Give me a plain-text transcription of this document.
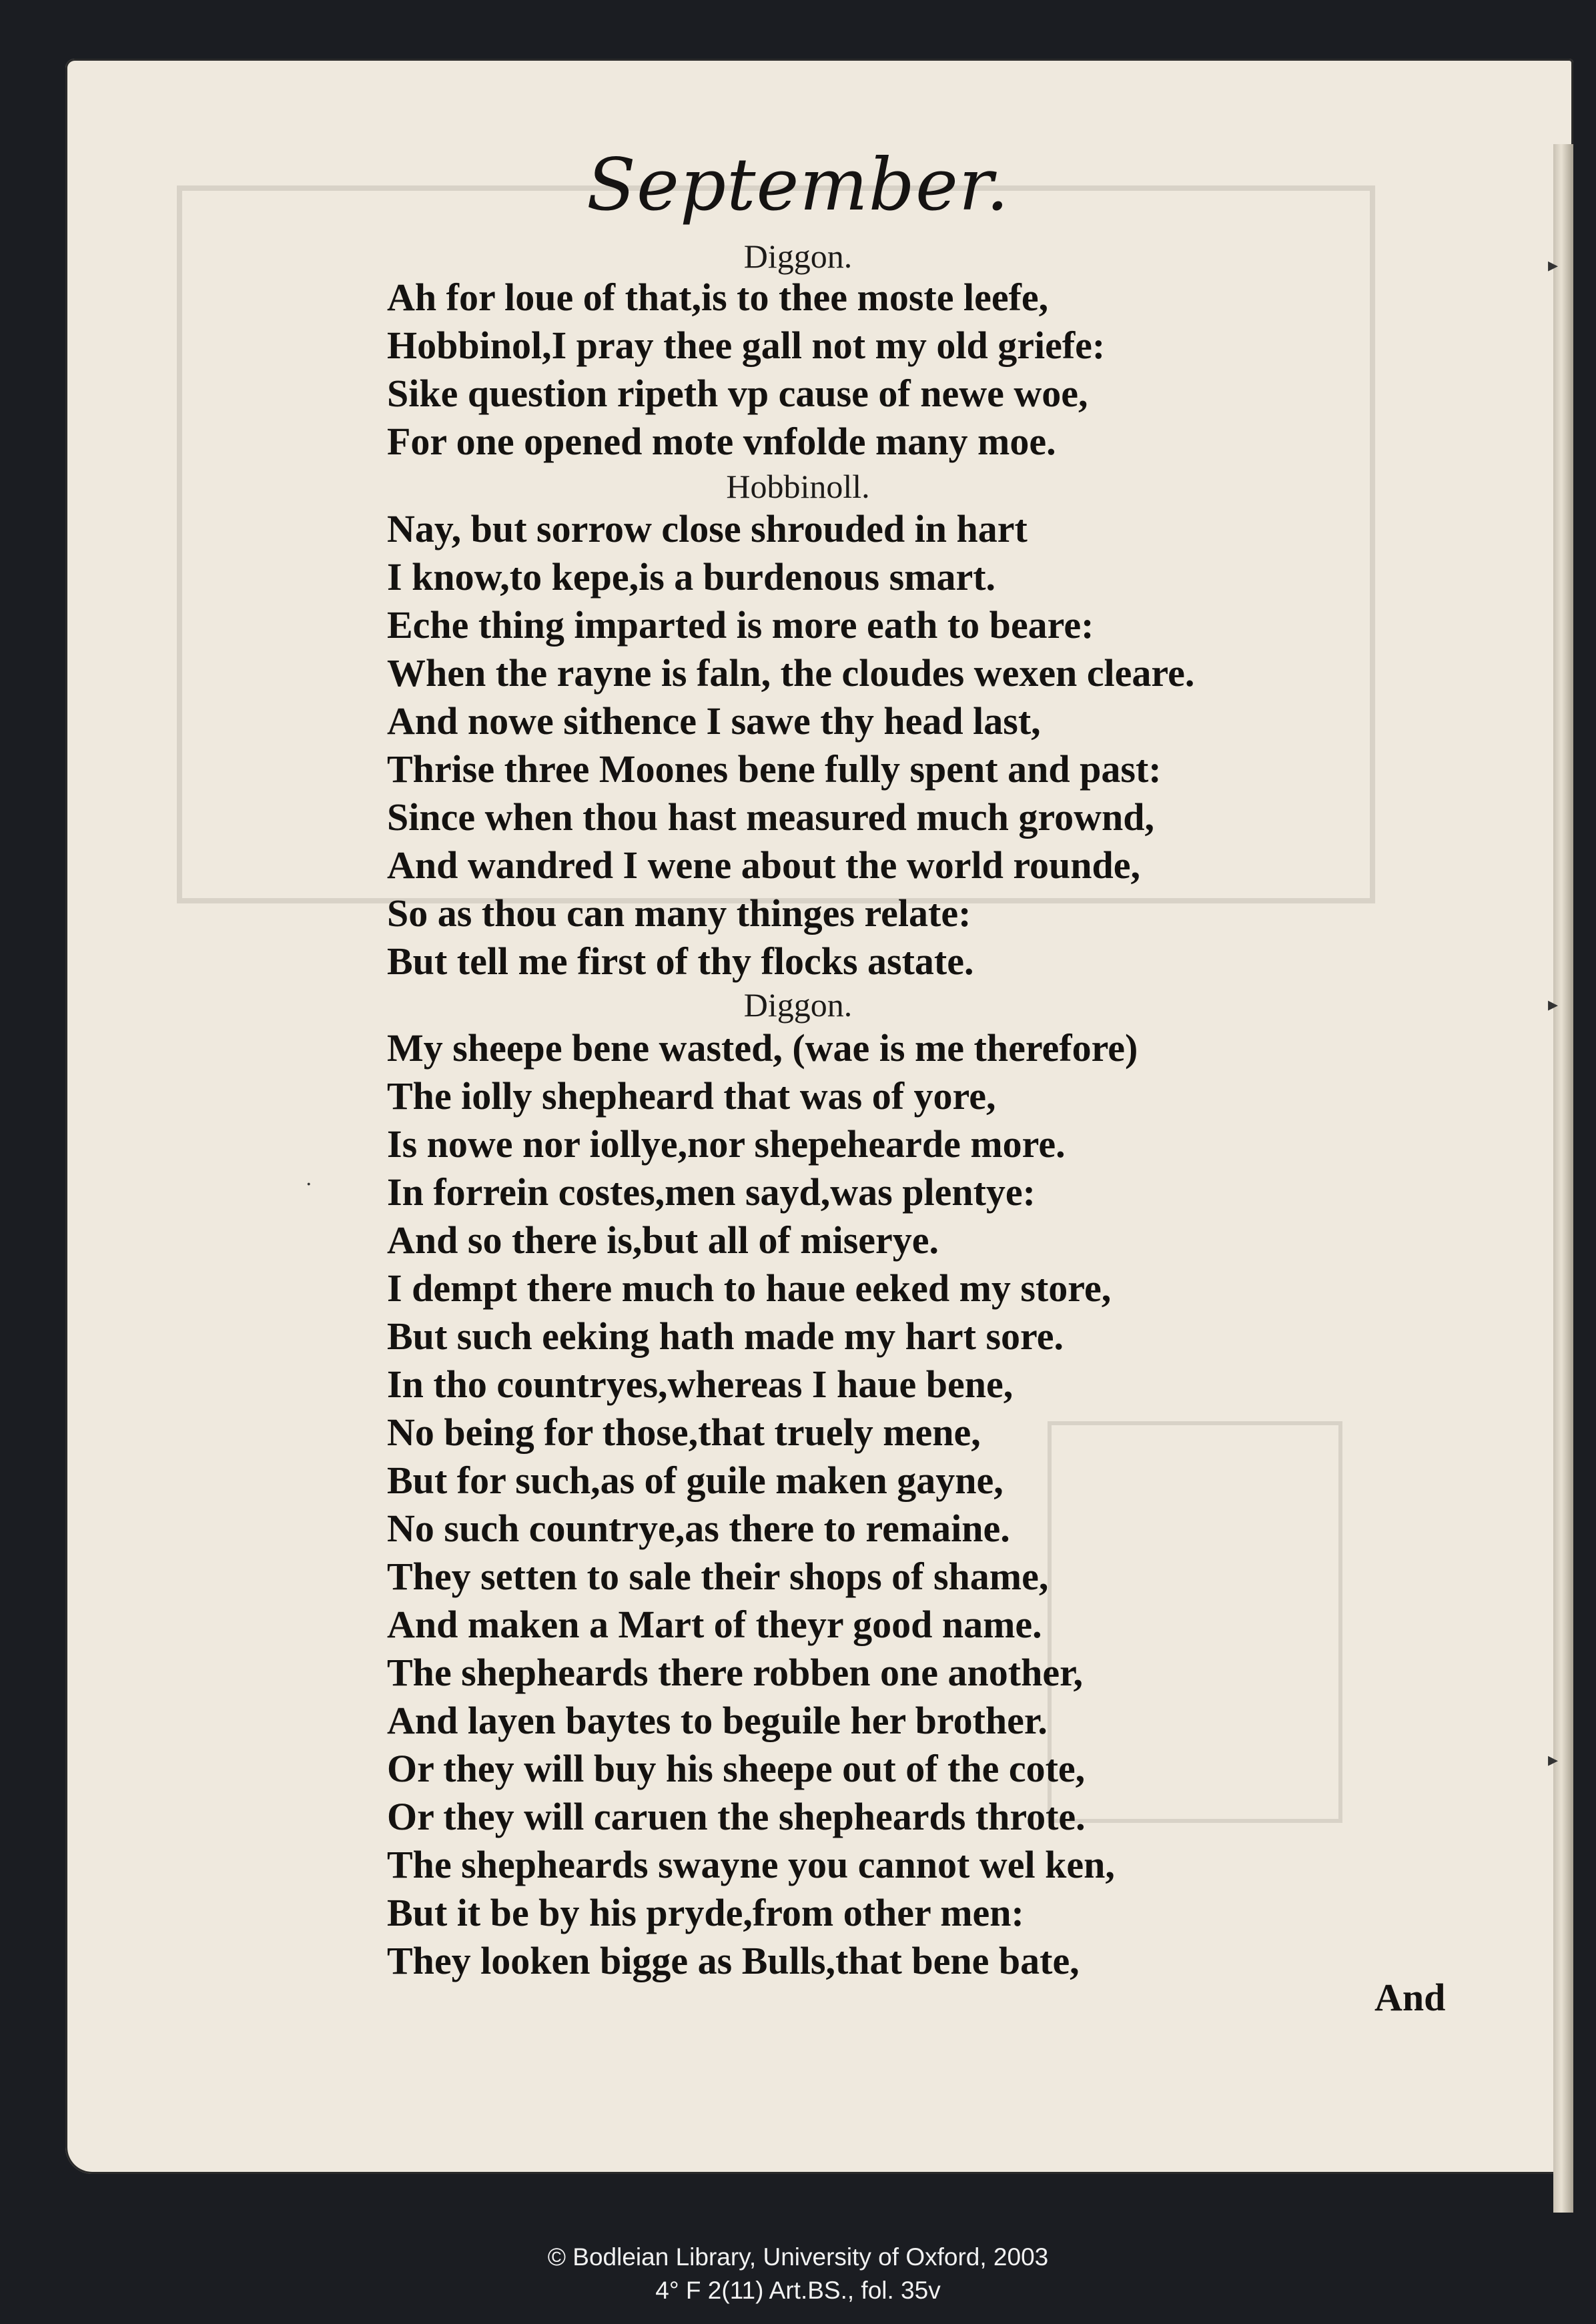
▸
▸
▸
·
September.
Diggon.
Ah for loue of that,is to thee moste leefe,
Hobbinol,I pray thee gall not my old griefe:
Sike question ripeth vp cause of newe woe,
For one opened mote vnfolde many moe.
Hobbinoll.
Nay, but sorrow close shrouded in hart
I know,to kepe,is a burdenous smart.
Eche thing imparted is more eath to beare:
When the rayne is faln, the cloudes wexen cleare.
And nowe sithence I sawe thy head last,
Thrise three Moones bene fully spent and past:
Since when thou hast measured much grownd,
And wandred I wene about the world rounde,
So as thou can many thinges relate:
But tell me first of thy flocks astate.
Diggon.
My sheepe bene wasted, (wae is me therefore)
The iolly shepheard that was of yore,
Is nowe nor iollye,nor shepehearde more.
In forrein costes,men sayd,was plentye:
And so there is,but all of miserye.
I dempt there much to haue eeked my store,
But such eeking hath made my hart sore.
In tho countryes,whereas I haue bene,
No being for those,that truely mene,
But for such,as of guile maken gayne,
No such countrye,as there to remaine.
They setten to sale their shops of shame,
And maken a Mart of theyr good name.
The shepheards there robben one another,
And layen baytes to beguile her brother.
Or they will buy his sheepe out of the cote,
Or they will caruen the shepheards throte.
The shepheards swayne you cannot wel ken,
But it be by his pryde,from other men:
They looken bigge as Bulls,that bene bate,
And
© Bodleian Library, University of Oxford, 2003
4° F 2(11) Art.BS., fol. 35v
